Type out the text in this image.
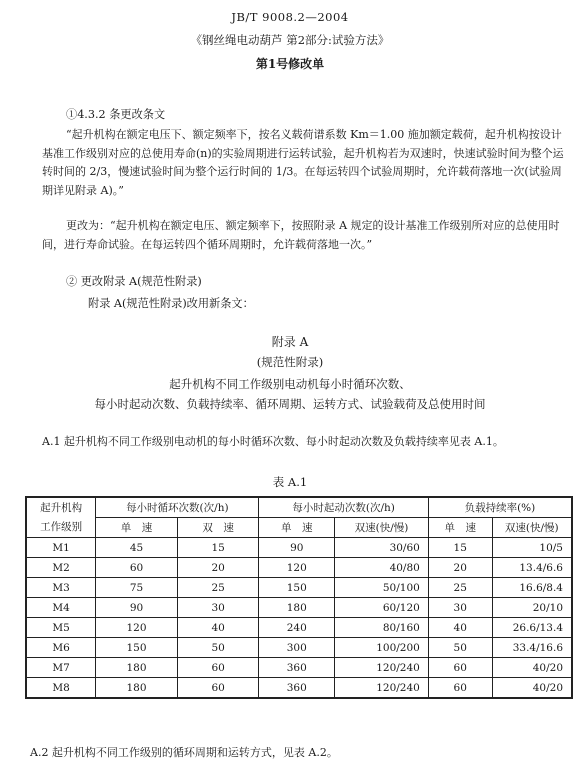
JB/T 9008.2—2004
《钢丝绳电动葫芦 第2部分:试验方法》
第1号修改单
①4.3.2 条更改条文
“起升机构在额定电压下、额定频率下，按名义载荷谱系数 Km＝1.00 施加额定载荷，起升机构按设计基准工作级别对应的总使用寿命(n)的实验周期进行运转试验，起升机构若为双速时，快速试验时间为整个运转时间的 2/3，慢速试验时间为整个运行时间的 1/3。在每运转四个试验周期时，允许载荷落地一次(试验周期详见附录 A)。”
更改为：“起升机构在额定电压、额定频率下，按照附录 A 规定的设计基准工作级别所对应的总使用时间，进行寿命试验。在每运转四个循环周期时，允许载荷落地一次。”
② 更改附录 A(规范性附录)
附录 A(规范性附录)改用新条文：
附录 A
(规范性附录)
起升机构不同工作级别电动机每小时循环次数、
每小时起动次数、负载持续率、循环周期、运转方式、试验载荷及总使用时间
A.1 起升机构不同工作级别电动机的每小时循环次数、每小时起动次数及负载持续率见表 A.1。
表 A.1
起升机构
工作级别	每小时循环次数(次/h)		每小时起动次数(次/h)		负载持续率(%)	
	单　速	双　速	单　速	双速(快/慢)	单　速	双速(快/慢)
M1	45	15	90	30/60	15	10/5
M2	60	20	120	40/80	20	13.4/6.6
M3	75	25	150	50/100	25	16.6/8.4
M4	90	30	180	60/120	30	20/10
M5	120	40	240	80/160	40	26.6/13.4
M6	150	50	300	100/200	50	33.4/16.6
M7	180	60	360	120/240	60	40/20
M8	180	60	360	120/240	60	40/20
A.2 起升机构不同工作级别的循环周期和运转方式，见表 A.2。
